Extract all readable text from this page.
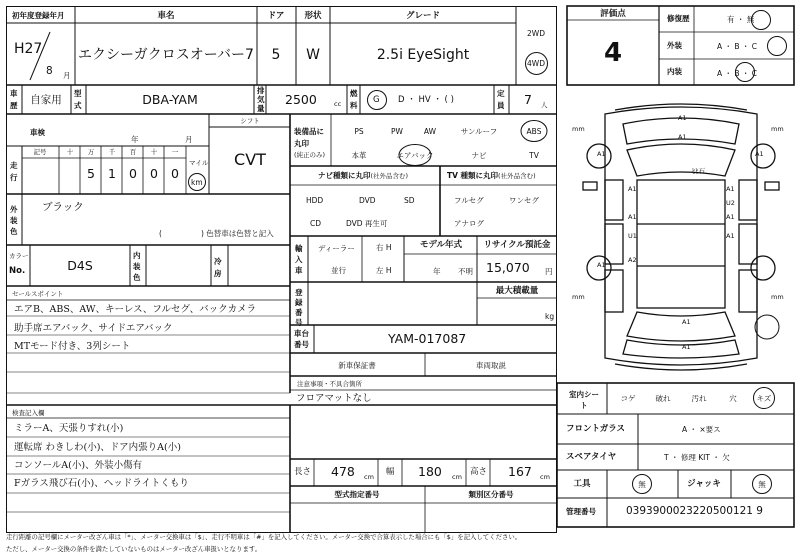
初年度登録年月	車名	ドア 形状	グレード
H27
8 月
エクシーガクロスオーバー7 5 W	2.5i EyeSight
2WD
4WD
車歴 自家用
型式	DBA-YAM
排気量
2500	cc
燃料
G D ・ HV ・ ( )
定員 7 人
車検
年	月
シフト
CVT
走行
記号	十 万 千 百 十 一
5 1 0 0 0
マイル
km
装備品に
丸印
(純正のみ)
PS	PW	AW	サンルーフ	ABS
本革	エアバック	ナビ	TV
ナビ種類に丸印(社外品含む)	TV 種類に丸印(社外品含む)
HDD	DVD	SD
CD	DVD 再生可
フルセグ	ワンセグ
アナログ
外装色
ブラック
(	) 色替車は色替と記入
カラー
No.	D4S
内装色
冷房
輸入車
ディーラー
並行
右 H
左 H
モデル年式
年 不明
リサイクル預託金
15,070 円
登録番号
最大積載量
kg
車台番号	YAM-017087
新車保証書	車両取説
注意事項・不具合箇所
フロアマットなし
セールスポイント
エアB、ABS、AW、キーレス、フルセグ、バックカメラ
助手席エアバック、サイドエアバック
MTモード付き、3列シート
検査記入欄
ミラーA、天張りすれ(小)
運転席 わきしわ(小)、ドア内張りA(小)
コンソールA(小)、外装小傷有
Fガラス飛び石(小)、ヘッドライトくもり
長さ 478 cm 幅 180 cm 高さ 167 cm
型式指定番号	類別区分番号
評価点
4
修復歴	有 ・ 無
外装	A ・ B ・ C
内装	A ・ B ・ C
mm	mm
mm	mm
A1
A1
A1	A1
ﾋﾋ石
A1	A1
A1
U2
A1
U1	A1
A2
A1
A1
A1
室内シート
コゲ	破れ	汚れ	穴	キズ
フロントガラス	A ・ ×要ス
スペアタイヤ	T ・ 修理 KIT ・ 欠
工具	無	ジャッキ	無
管理番号	0393900023220500121 9
走行距離の記号欄にメーター改ざん車は「*」、メーター交換車は「$」、走行不明車は「#」を記入してください。メーター交換で合算表示した場合にも「$」を記入してください。
ただし、メーター交換の条件を満たしていないものはメーター改ざん車扱いとなります。
